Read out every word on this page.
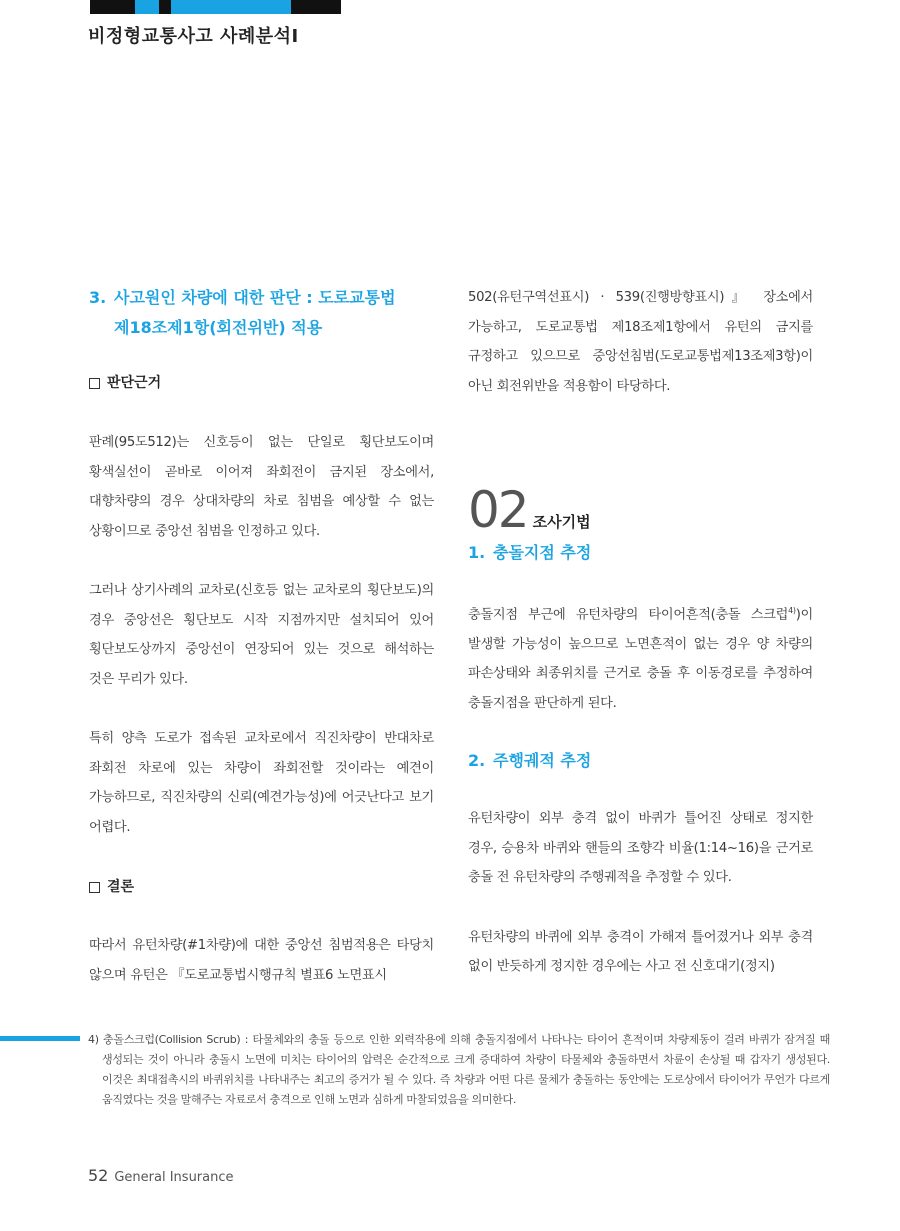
비정형교통사고 사례분석Ⅰ
3. 사고원인 차량에 대한 판단 : 도로교통법
제18조제1항(회전위반) 적용
판단근거

판례(95도512)는 신호등이 없는 단일로 횡단보도이며 황색실선이 곧바로 이어져 좌회전이 금지된 장소에서, 대향차량의 경우 상대차량의 차로 침범을 예상할 수 없는 상황이므로 중앙선 침범을 인정하고 있다.

그러나 상기사례의 교차로(신호등 없는 교차로의 횡단보도)의 경우 중앙선은 횡단보도 시작 지점까지만 설치되어 있어 횡단보도상까지 중앙선이 연장되어 있는 것으로 해석하는 것은 무리가 있다.

특히 양측 도로가 접속된 교차로에서 직진차량이 반대차로 좌회전 차로에 있는 차량이 좌회전할 것이라는 예견이 가능하므로, 직진차량의 신뢰(예견가능성)에 어긋난다고 보기 어렵다.

결론

따라서 유턴차량(#1차량)에 대한 중앙선 침범적용은 타당치 않으며 유턴은 『도로교통법시행규칙 별표6 노면표시

502(유턴구역선표시) · 539(진행방향표시)』 장소에서 가능하고, 도로교통법 제18조제1항에서 유턴의 금지를 규정하고 있으므로 중앙선침범(도로교통법제13조제3항)이 아닌 회전위반을 적용함이 타당하다.

02 조사기법
1. 충돌지점 추정

충돌지점 부근에 유턴차량의 타이어흔적(충돌 스크럽$^{4)}$)이 발생할 가능성이 높으므로 노면흔적이 없는 경우 양 차량의 파손상태와 최종위치를 근거로 충돌 후 이동경로를 추정하여 충돌지점을 판단하게 된다.

2. 주행궤적 추정

유턴차량이 외부 충격 없이 바퀴가 틀어진 상태로 정지한 경우, 승용차 바퀴와 핸들의 조향각 비율(1:14~16)을 근거로 충돌 전 유턴차량의 주행궤적을 추정할 수 있다.

유턴차량의 바퀴에 외부 충격이 가해져 틀어졌거나 외부 충격 없이 반듯하게 정지한 경우에는 사고 전 신호대기(정지)

4) 충돌스크럽(Collision Scrub) : 타물체와의 충돌 등으로 인한 외력작용에 의해 충돌지점에서 나타나는 타이어 흔적이며 차량제동이 걸려 바퀴가 잠겨질 때 생성되는 것이 아니라 충돌시 노면에 미치는 타이어의 압력은 순간적으로 크게 증대하여 차량이 타물체와 충돌하면서 차륜이 손상될 때 갑자기 생성된다. 이것은 최대접촉시의 바퀴위치를 나타내주는 최고의 증거가 될 수 있다. 즉 차량과 어떤 다른 물체가 충돌하는 동안에는 도로상에서 타이어가 무언가 다르게 움직였다는 것을 말해주는 자료로서 충격으로 인해 노면과 심하게 마찰되었음을 의미한다.
52 General Insurance
